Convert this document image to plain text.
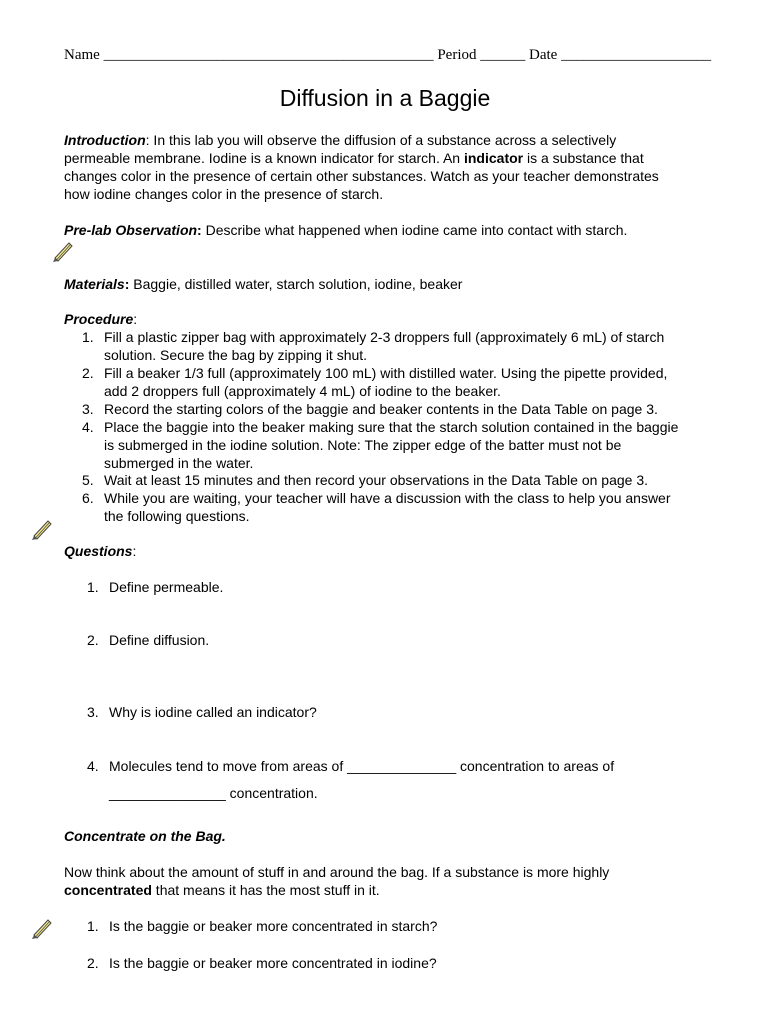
Name ____________________________________________ Period ______ Date ____________________
Diffusion in a Baggie
Introduction: In this lab you will observe the diffusion of a substance across a selectively
permeable membrane. Iodine is a known indicator for starch. An indicator is a substance that
changes color in the presence of certain other substances. Watch as your teacher demonstrates
how iodine changes color in the presence of starch.
Pre-lab Observation: Describe what happened when iodine came into contact with starch.
Materials: Baggie, distilled water, starch solution, iodine, beaker
Procedure:
1. Fill a plastic zipper bag with approximately 2-3 droppers full (approximately 6 mL) of starch
solution. Secure the bag by zipping it shut.
2. Fill a beaker 1/3 full (approximately 100 mL) with distilled water. Using the pipette provided,
add 2 droppers full (approximately 4 mL) of iodine to the beaker.
3. Record the starting colors of the baggie and beaker contents in the Data Table on page 3.
4. Place the baggie into the beaker making sure that the starch solution contained in the baggie
is submerged in the iodine solution. Note: The zipper edge of the batter must not be
submerged in the water.
5. Wait at least 15 minutes and then record your observations in the Data Table on page 3.
6. While you are waiting, your teacher will have a discussion with the class to help you answer
the following questions.
Questions:
1. Define permeable.
2. Define diffusion.
3. Why is iodine called an indicator?
4. Molecules tend to move from areas of ______________ concentration to areas of
_______________ concentration.
Concentrate on the Bag.
Now think about the amount of stuff in and around the bag. If a substance is more highly
concentrated that means it has the most stuff in it.
1. Is the baggie or beaker more concentrated in starch?
2. Is the baggie or beaker more concentrated in iodine?
